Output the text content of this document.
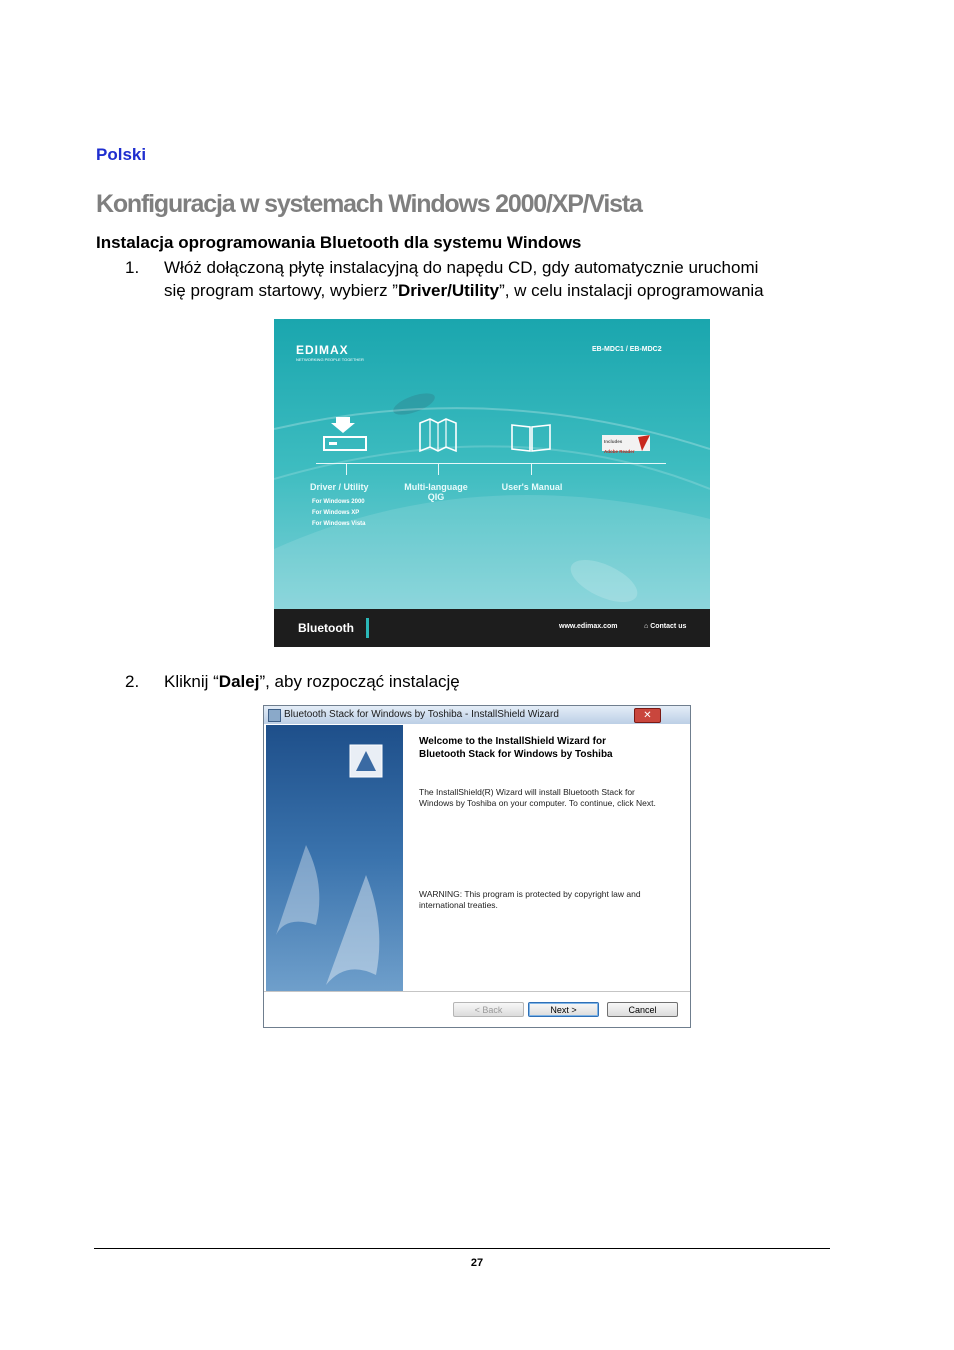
Polski
Konfiguracja w systemach Windows 2000/XP/Vista
Instalacja oprogramowania Bluetooth dla systemu Windows
1. Włóż dołączoną płytę instalacyjną do napędu CD, gdy automatycznie uruchomi
się program startowy, wybierz ”Driver/Utility”, w celu instalacji oprogramowania
EDIMAX
NETWORKING PEOPLE TOGETHER
EB-MDC1 / EB-MDC2
Includes
Adobe Reader
Driver / Utility	Multi-language
QIG
User's Manual
For Windows 2000
For Windows XP
For Windows Vista
Bluetooth	www.edimax.com	⌂ Contact us
2. Kliknij “Dalej”, aby rozpocząć instalację
Bluetooth Stack for Windows by Toshiba - InstallShield Wizard	✕
Welcome to the InstallShield Wizard for
Bluetooth Stack for Windows by Toshiba
The InstallShield(R) Wizard will install Bluetooth Stack for Windows by Toshiba on your computer. To continue, click Next.
WARNING: This program is protected by copyright law and international treaties.
< Back	Next >	Cancel
27
